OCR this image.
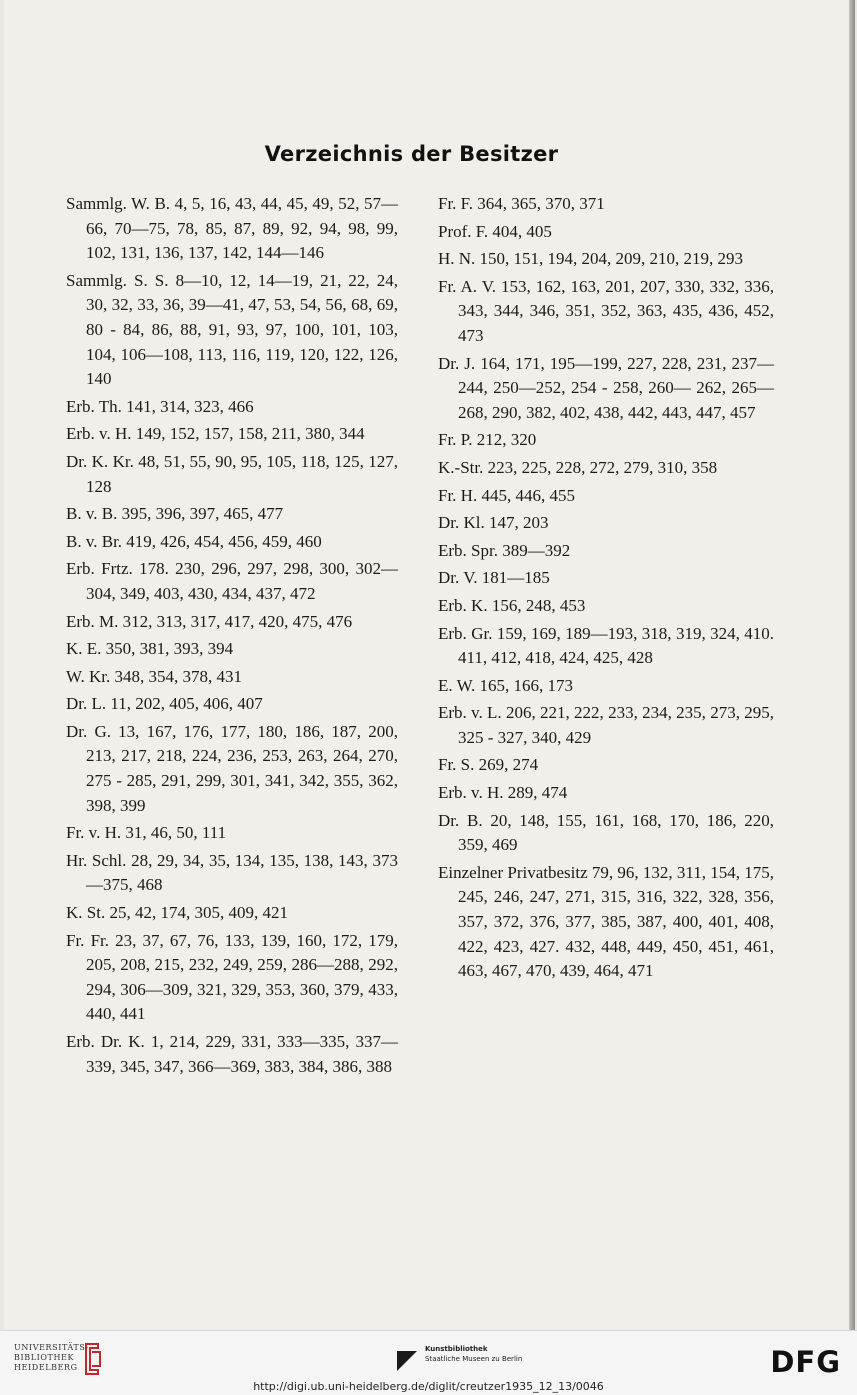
Verzeichnis der Besitzer
Sammlg. W. B. 4, 5, 16, 43, 44, 45, 49, 52, 57—66, 70—75, 78, 85, 87, 89, 92, 94, 98, 99, 102, 131, 136, 137, 142, 144—146
Sammlg. S. S. 8—10, 12, 14—19, 21, 22, 24, 30, 32, 33, 36, 39—41, 47, 53, 54, 56, 68, 69, 80 - 84, 86, 88, 91, 93, 97, 100, 101, 103, 104, 106—108, 113, 116, 119, 120, 122, 126, 140
Erb. Th. 141, 314, 323, 466
Erb. v. H. 149, 152, 157, 158, 211, 380, 344
Dr. K. Kr. 48, 51, 55, 90, 95, 105, 118, 125, 127, 128
B. v. B. 395, 396, 397, 465, 477
B. v. Br. 419, 426, 454, 456, 459, 460
Erb. Frtz. 178. 230, 296, 297, 298, 300, 302— 304, 349, 403, 430, 434, 437, 472
Erb. M. 312, 313, 317, 417, 420, 475, 476
K. E. 350, 381, 393, 394
W. Kr. 348, 354, 378, 431
Dr. L. 11, 202, 405, 406, 407
Dr. G. 13, 167, 176, 177, 180, 186, 187, 200, 213, 217, 218, 224, 236, 253, 263, 264, 270, 275 - 285, 291, 299, 301, 341, 342, 355, 362, 398, 399
Fr. v. H. 31, 46, 50, 111
Hr. Schl. 28, 29, 34, 35, 134, 135, 138, 143, 373—375, 468
K. St. 25, 42, 174, 305, 409, 421
Fr. Fr. 23, 37, 67, 76, 133, 139, 160, 172, 179, 205, 208, 215, 232, 249, 259, 286—288, 292, 294, 306—309, 321, 329, 353, 360, 379, 433, 440, 441
Erb. Dr. K. 1, 214, 229, 331, 333—335, 337—339, 345, 347, 366—369, 383, 384, 386, 388
Fr. F. 364, 365, 370, 371
Prof. F. 404, 405
H. N. 150, 151, 194, 204, 209, 210, 219, 293
Fr. A. V. 153, 162, 163, 201, 207, 330, 332, 336, 343, 344, 346, 351, 352, 363, 435, 436, 452, 473
Dr. J. 164, 171, 195—199, 227, 228, 231, 237— 244, 250—252, 254 - 258, 260— 262, 265—268, 290, 382, 402, 438, 442, 443, 447, 457
Fr. P. 212, 320
K.-Str. 223, 225, 228, 272, 279, 310, 358
Fr. H. 445, 446, 455
Dr. Kl. 147, 203
Erb. Spr. 389—392
Dr. V. 181—185
Erb. K. 156, 248, 453
Erb. Gr. 159, 169, 189—193, 318, 319, 324, 410. 411, 412, 418, 424, 425, 428
E. W. 165, 166, 173
Erb. v. L. 206, 221, 222, 233, 234, 235, 273, 295, 325 - 327, 340, 429
Fr. S. 269, 274
Erb. v. H. 289, 474
Dr. B. 20, 148, 155, 161, 168, 170, 186, 220, 359, 469
Einzelner Privatbesitz 79, 96, 132, 311, 154, 175, 245, 246, 247, 271, 315, 316, 322, 328, 356, 357, 372, 376, 377, 385, 387, 400, 401, 408, 422, 423, 427. 432, 448, 449, 450, 451, 461, 463, 467, 470, 439, 464, 471
UNIVERSITÄTS-
BIBLIOTHEK
HEIDELBERG
Kunstbibliothek
Staatliche Museen zu Berlin	DFG
http://digi.ub.uni-heidelberg.de/diglit/creutzer1935_12_13/0046
